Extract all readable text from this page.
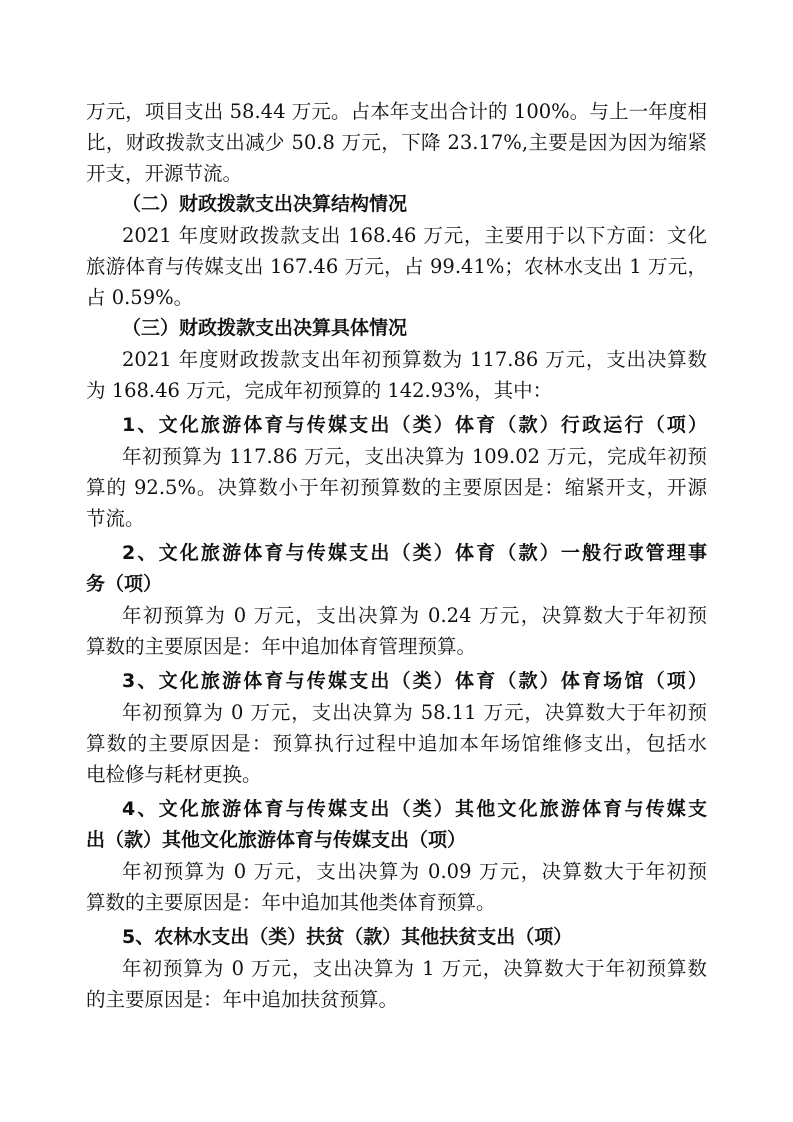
万元，项目支出 58.44 万元。占本年支出合计的 100%。与上一年度相

比，财政拨款支出减少 50.8 万元，下降 23.17%,主要是因为因为缩紧

开支，开源节流。

（二）财政拨款支出决算结构情况

2021 年度财政拨款支出 168.46 万元，主要用于以下方面：文化

旅游体育与传媒支出 167.46 万元，占 99.41%；农林水支出 1 万元，

占 0.59%。

（三）财政拨款支出决算具体情况

2021 年度财政拨款支出年初预算数为 117.86 万元，支出决算数

为 168.46 万元，完成年初预算的 142.93%，其中：

1、文化旅游体育与传媒支出（类）体育（款）行政运行（项）

年初预算为 117.86 万元，支出决算为 109.02 万元，完成年初预

算的 92.5%。决算数小于年初预算数的主要原因是：缩紧开支，开源

节流。

2、文化旅游体育与传媒支出（类）体育（款）一般行政管理事

务（项）

年初预算为 0 万元，支出决算为 0.24 万元，决算数大于年初预

算数的主要原因是：年中追加体育管理预算。

3、文化旅游体育与传媒支出（类）体育（款）体育场馆（项）

年初预算为 0 万元，支出决算为 58.11 万元，决算数大于年初预

算数的主要原因是：预算执行过程中追加本年场馆维修支出，包括水

电检修与耗材更换。

4、文化旅游体育与传媒支出（类）其他文化旅游体育与传媒支

出（款）其他文化旅游体育与传媒支出（项）

年初预算为 0 万元，支出决算为 0.09 万元，决算数大于年初预

算数的主要原因是：年中追加其他类体育预算。

5、农林水支出（类）扶贫（款）其他扶贫支出（项）

年初预算为 0 万元，支出决算为 1 万元，决算数大于年初预算数

的主要原因是：年中追加扶贫预算。
